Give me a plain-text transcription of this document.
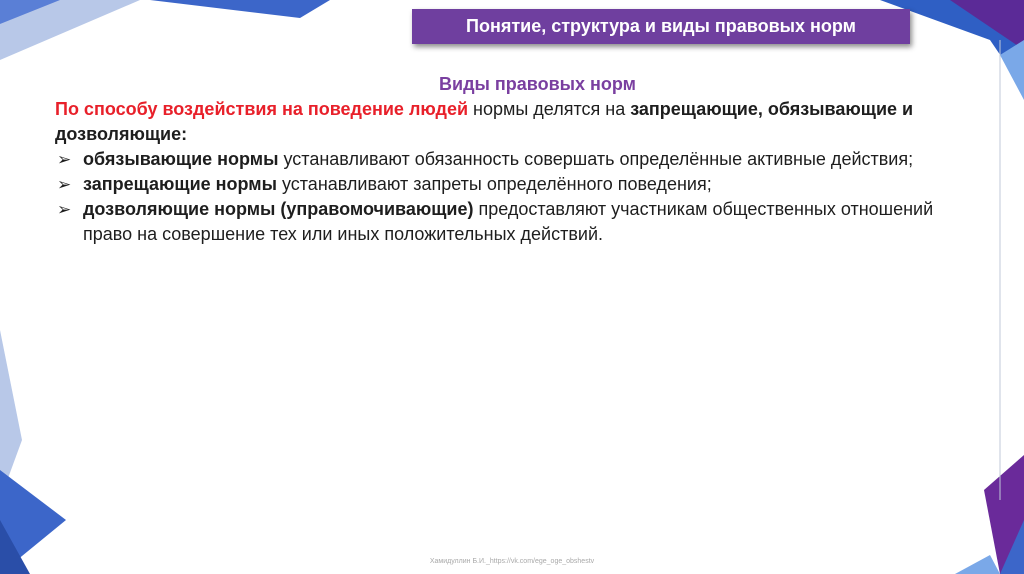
Понятие, структура и виды правовых норм
Виды правовых норм

По способу воздействия на поведение людей нормы делятся на запрещающие, обязывающие и дозволяющие:

➢ обязывающие нормы устанавливают обязанность совершать определённые активные действия;
➢ запрещающие нормы устанавливают запреты определённого поведения;
➢ дозволяющие нормы (управомочивающие) предоставляют участникам общественных отношений право на совершение тех или иных положительных действий.
Хамидуллин Б.И._https://vk.com/ege_oge_obshestv
